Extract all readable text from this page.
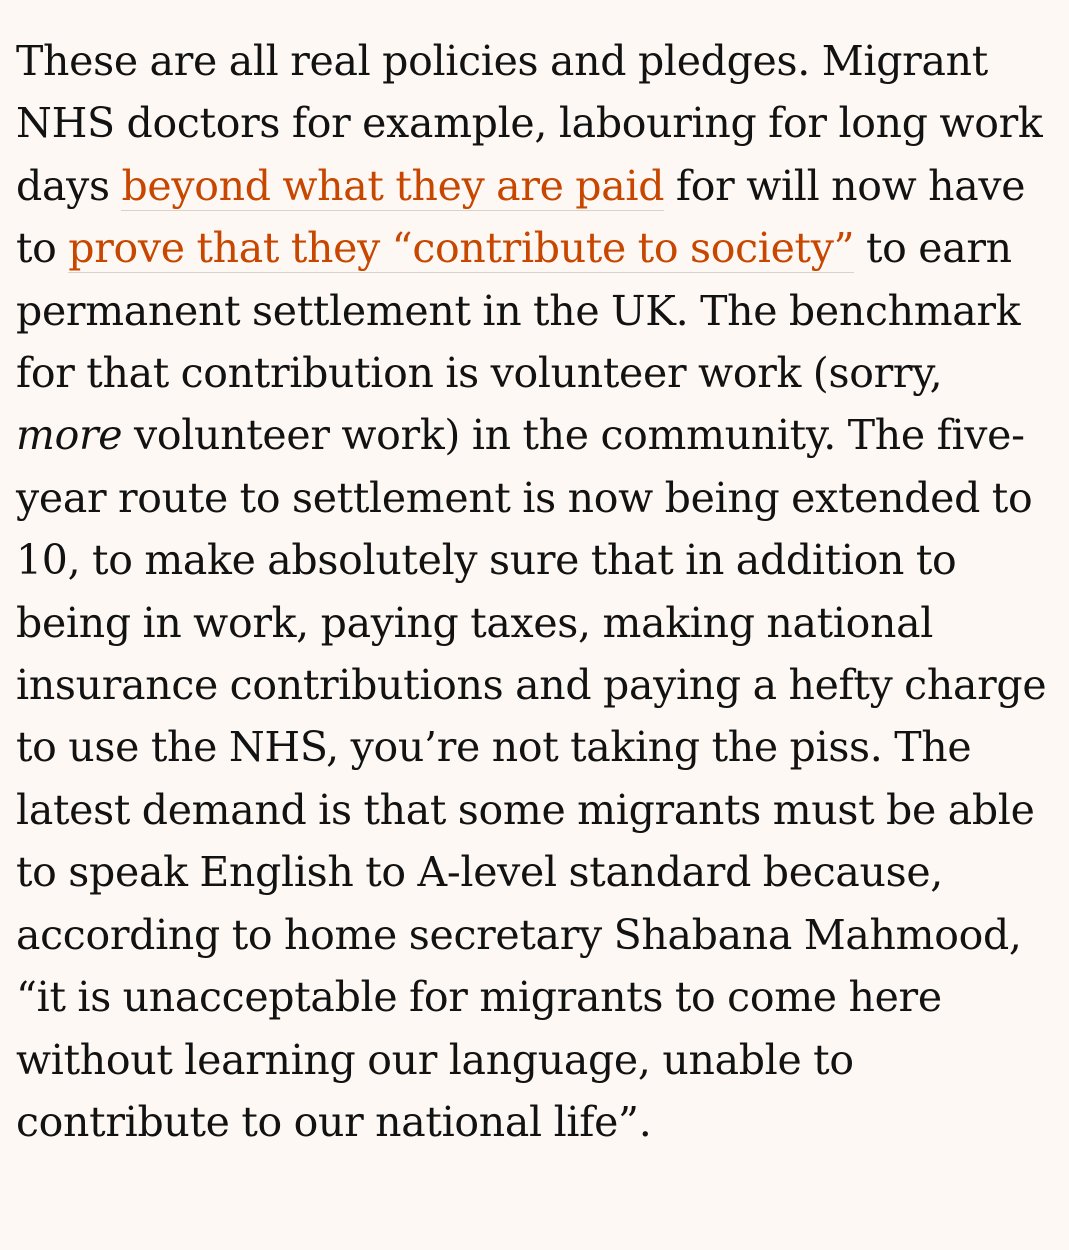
These are all real policies and pledges. Migrant NHS doctors for example, labouring for long work days beyond what they are paid for will now have to prove that they “contribute to society” to earn permanent settlement in the UK. The benchmark for that contribution is volunteer work (sorry, more volunteer work) in the community. The five-year route to settlement is now being extended to 10, to make absolutely sure that in addition to being in work, paying taxes, making national insurance contributions and paying a hefty charge to use the NHS, you’re not taking the piss. The latest demand is that some migrants must be able to speak English to A-level standard because, according to home secretary Shabana Mahmood, “it is unacceptable for migrants to come here without learning our language, unable to contribute to our national life”.
